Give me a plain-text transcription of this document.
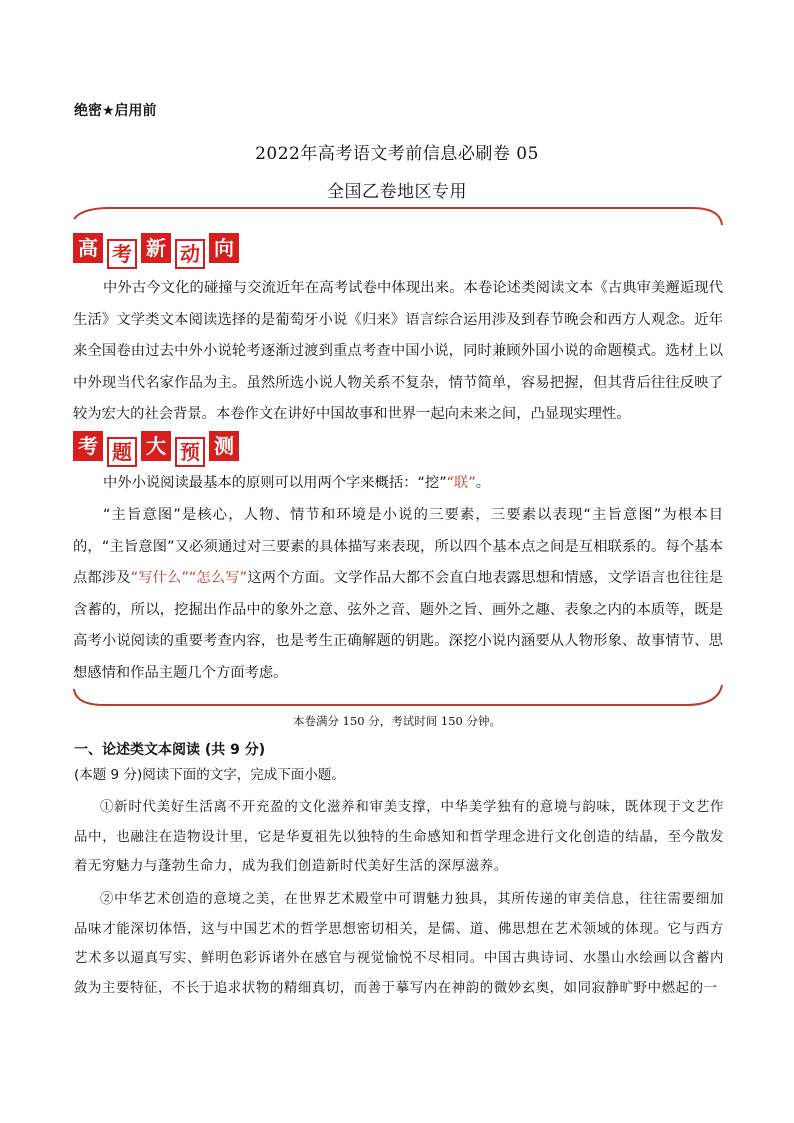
绝密★启用前
2022年高考语文考前信息必刷卷 05
全国乙卷地区专用
高 考 新 动 向
中外古今文化的碰撞与交流近年在高考试卷中体现出来。本卷论述类阅读文本《古典审美邂逅现代生活》文学类文本阅读选择的是葡萄牙小说《归来》语言综合运用涉及到春节晚会和西方人观念。近年来全国卷由过去中外小说轮考逐渐过渡到重点考查中国小说，同时兼顾外国小说的命题模式。选材上以中外现当代名家作品为主。虽然所选小说人物关系不复杂，情节简单，容易把握，但其背后往往反映了较为宏大的社会背景。本卷作文在讲好中国故事和世界一起向未来之间，凸显现实理性。
考 题 大 预 测
中外小说阅读最基本的原则可以用两个字来概括：“挖”“联”。
“主旨意图”是核心，人物、情节和环境是小说的三要素，三要素以表现“主旨意图”为根本目的，“主旨意图”又必须通过对三要素的具体描写来表现，所以四个基本点之间是互相联系的。每个基本点都涉及“写什么”“怎么写”这两个方面。文学作品大都不会直白地表露思想和情感，文学语言也往往是含蓄的，所以，挖掘出作品中的象外之意、弦外之音、题外之旨、画外之趣、表象之内的本质等，既是高考小说阅读的重要考查内容，也是考生正确解题的钥匙。深挖小说内涵要从人物形象、故事情节、思想感情和作品主题几个方面考虑。
本卷满分 150 分，考试时间 150 分钟。
一、论述类文本阅读 (共 9 分)
(本题 9 分)阅读下面的文字，完成下面小题。
①新时代美好生活离不开充盈的文化滋养和审美支撑，中华美学独有的意境与韵味，既体现于文艺作品中，也融注在造物设计里，它是华夏祖先以独特的生命感知和哲学理念进行文化创造的结晶，至今散发着无穷魅力与蓬勃生命力，成为我们创造新时代美好生活的深厚滋养。
②中华艺术创造的意境之美，在世界艺术殿堂中可谓魅力独具，其所传递的审美信息，往往需要细加品味才能深切体悟，这与中国艺术的哲学思想密切相关，是儒、道、佛思想在艺术领域的体现。它与西方艺术多以逼真写实、鲜明色彩诉诸外在感官与视觉愉悦不尽相同。中国古典诗词、水墨山水绘画以含蓄内敛为主要特征，不长于追求状物的精细真切，而善于摹写内在神韵的微妙玄奥，如同寂静旷野中燃起的一
